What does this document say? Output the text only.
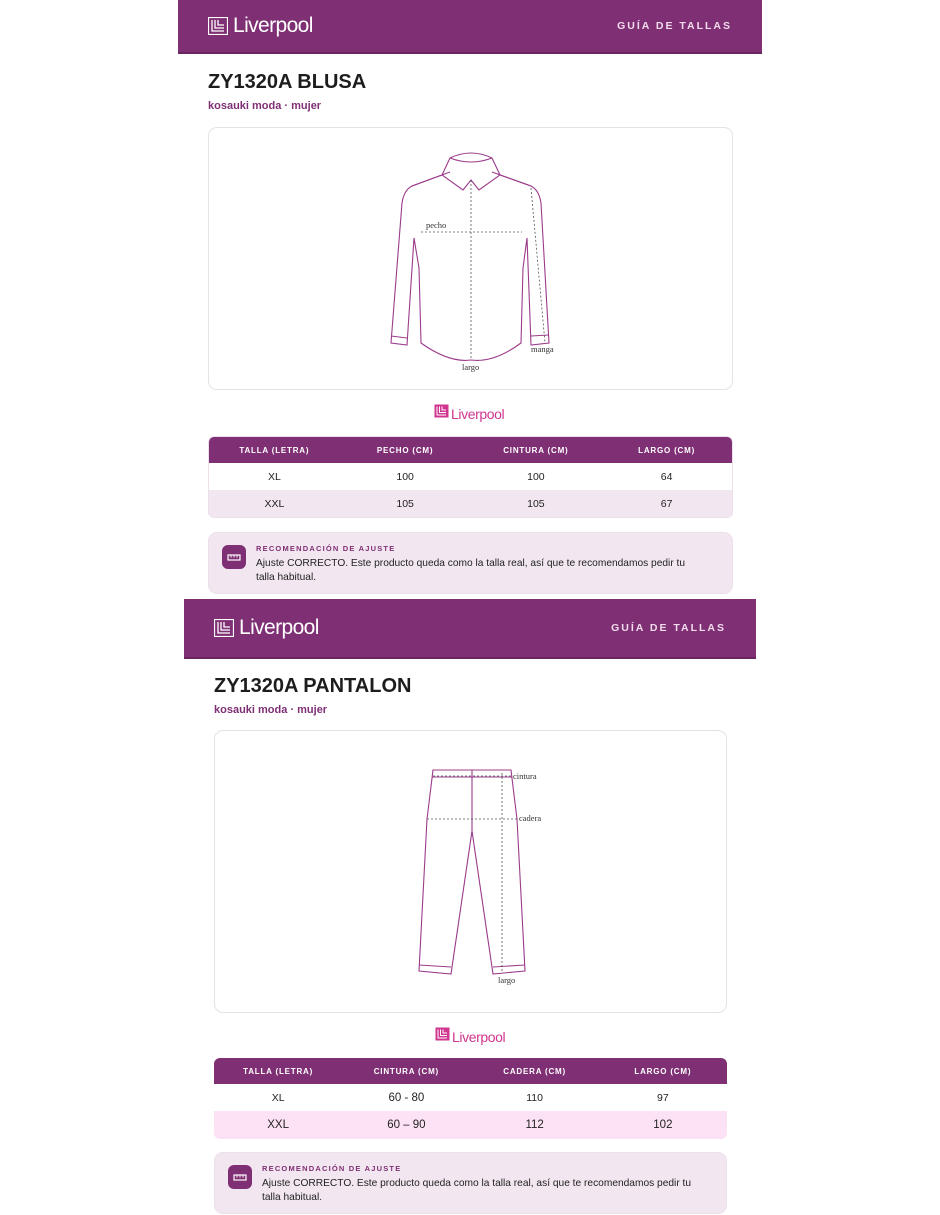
Liverpool	GUÍA DE TALLAS
ZY1320A BLUSA
kosauki moda · mujer
pecho
manga
largo
Liverpool
TALLA (LETRA)	PECHO (CM)	CINTURA (CM)	LARGO (CM)
XL	100	100	64
XXL	105	105	67
RECOMENDACIÓN DE AJUSTE
Ajuste CORRECTO. Este producto queda como la talla real, así que te recomendamos pedir tu talla habitual.
Liverpool	GUÍA DE TALLAS
ZY1320A PANTALON
kosauki moda · mujer
cintura
cadera
largo
Liverpool
TALLA (LETRA)	CINTURA (CM)	CADERA (CM)	LARGO (CM)
XL	60 - 80	110	97
XXL	60 – 90	112	102
RECOMENDACIÓN DE AJUSTE
Ajuste CORRECTO. Este producto queda como la talla real, así que te recomendamos pedir tu talla habitual.
